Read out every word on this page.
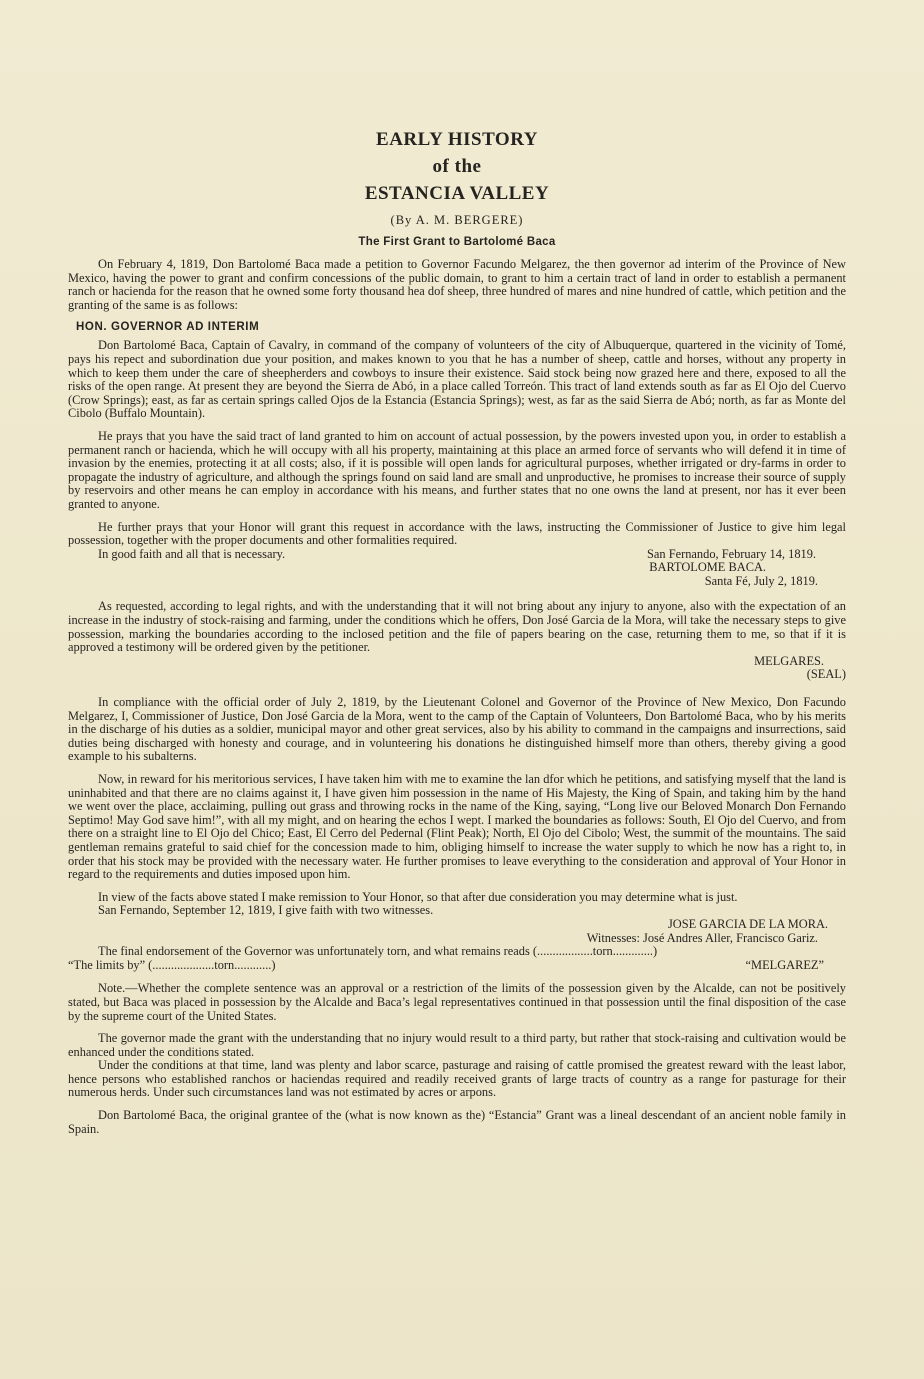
EARLY HISTORY
of the
ESTANCIA VALLEY
(By A. M. BERGERE)
The First Grant to Bartolomé Baca

On February 4, 1819, Don Bartolomé Baca made a petition to Governor Facundo Melgarez, the then governor ad interim of the Province of New Mexico, having the power to grant and confirm concessions of the public domain, to grant to him a certain tract of land in order to establish a permanent ranch or hacienda for the reason that he owned some forty thousand hea dof sheep, three hundred of mares and nine hundred of cattle, which petition and the granting of the same is as follows:

HON. GOVERNOR AD INTERIM

Don Bartolomé Baca, Captain of Cavalry, in command of the company of volunteers of the city of Albuquerque, quartered in the vicinity of Tomé, pays his repect and subordination due your position, and makes known to you that he has a number of sheep, cattle and horses, without any property in which to keep them under the care of sheepherders and cowboys to insure their existence. Said stock being now grazed here and there, exposed to all the risks of the open range. At present they are beyond the Sierra de Abó, in a place called Torreón. This tract of land extends south as far as El Ojo del Cuervo (Crow Springs); east, as far as certain springs called Ojos de la Estancia (Estancia Springs); west, as far as the said Sierra de Abó; north, as far as Monte del Cibolo (Buffalo Mountain).

He prays that you have the said tract of land granted to him on account of actual possession, by the powers invested upon you, in order to establish a permanent ranch or hacienda, which he will occupy with all his property, maintaining at this place an armed force of servants who will defend it in time of invasion by the enemies, protecting it at all costs; also, if it is possible will open lands for agricultural purposes, whether irrigated or dry-farms in order to propagate the industry of agriculture, and although the springs found on said land are small and unproductive, he promises to increase their source of supply by reservoirs and other means he can employ in accordance with his means, and further states that no one owns the land at present, nor has it ever been granted to anyone.

He further prays that your Honor will grant this request in accordance with the laws, instructing the Commissioner of Justice to give him legal possession, together with the proper documents and other formalities required.

In good faith and all that is necessary.	San Fernando, February 14, 1819.
BARTOLOME BACA.
Santa Fé, July 2, 1819.

As requested, according to legal rights, and with the understanding that it will not bring about any injury to anyone, also with the expectation of an increase in the industry of stock-raising and farming, under the conditions which he offers, Don José Garcia de la Mora, will take the necessary steps to give possession, marking the boundaries according to the inclosed petition and the file of papers bearing on the case, returning them to me, so that if it is approved a testimony will be ordered given by the petitioner.

MELGARES.
(SEAL)

In compliance with the official order of July 2, 1819, by the Lieutenant Colonel and Governor of the Province of New Mexico, Don Facundo Melgarez, I, Commissioner of Justice, Don José Garcia de la Mora, went to the camp of the Captain of Volunteers, Don Bartolomé Baca, who by his merits in the discharge of his duties as a soldier, municipal mayor and other great services, also by his ability to command in the campaigns and insurrections, said duties being discharged with honesty and courage, and in volunteering his donations he distinguished himself more than others, thereby giving a good example to his subalterns.

Now, in reward for his meritorious services, I have taken him with me to examine the lan dfor which he petitions, and satisfying myself that the land is uninhabited and that there are no claims against it, I have given him possession in the name of His Majesty, the King of Spain, and taking him by the hand we went over the place, acclaiming, pulling out grass and throwing rocks in the name of the King, saying, “Long live our Beloved Monarch Don Fernando Septimo! May God save him!”, with all my might, and on hearing the echos I wept. I marked the boundaries as follows: South, El Ojo del Cuervo, and from there on a straight line to El Ojo del Chico; East, El Cerro del Pedernal (Flint Peak); North, El Ojo del Cibolo; West, the summit of the mountains. The said gentleman remains grateful to said chief for the concession made to him, obliging himself to increase the water supply to which he now has a right to, in order that his stock may be provided with the necessary water. He further promises to leave everything to the consideration and approval of Your Honor in regard to the requirements and duties imposed upon him.

In view of the facts above stated I make remission to Your Honor, so that after due consideration you may determine what is just.

San Fernando, September 12, 1819, I give faith with two witnesses.
JOSE GARCIA DE LA MORA.
Witnesses: José Andres Aller, Francisco Gariz.
The final endorsement of the Governor was unfortunately torn, and what remains reads (..................torn.............)
“The limits by” (....................torn............)	“MELGAREZ”

Note.—Whether the complete sentence was an approval or a restriction of the limits of the possession given by the Alcalde, can not be positively stated, but Baca was placed in possession by the Alcalde and Baca’s legal representatives continued in that possession until the final disposition of the case by the supreme court of the United States.

The governor made the grant with the understanding that no injury would result to a third party, but rather that stock-raising and cultivation would be enhanced under the conditions stated.

Under the conditions at that time, land was plenty and labor scarce, pasturage and raising of cattle promised the greatest reward with the least labor, hence persons who established ranchos or haciendas required and readily received grants of large tracts of country as a range for pasturage for their numerous herds. Under such circumstances land was not estimated by acres or arpons.

Don Bartolomé Baca, the original grantee of the (what is now known as the) “Estancia” Grant was a lineal descendant of an ancient noble family in Spain.
